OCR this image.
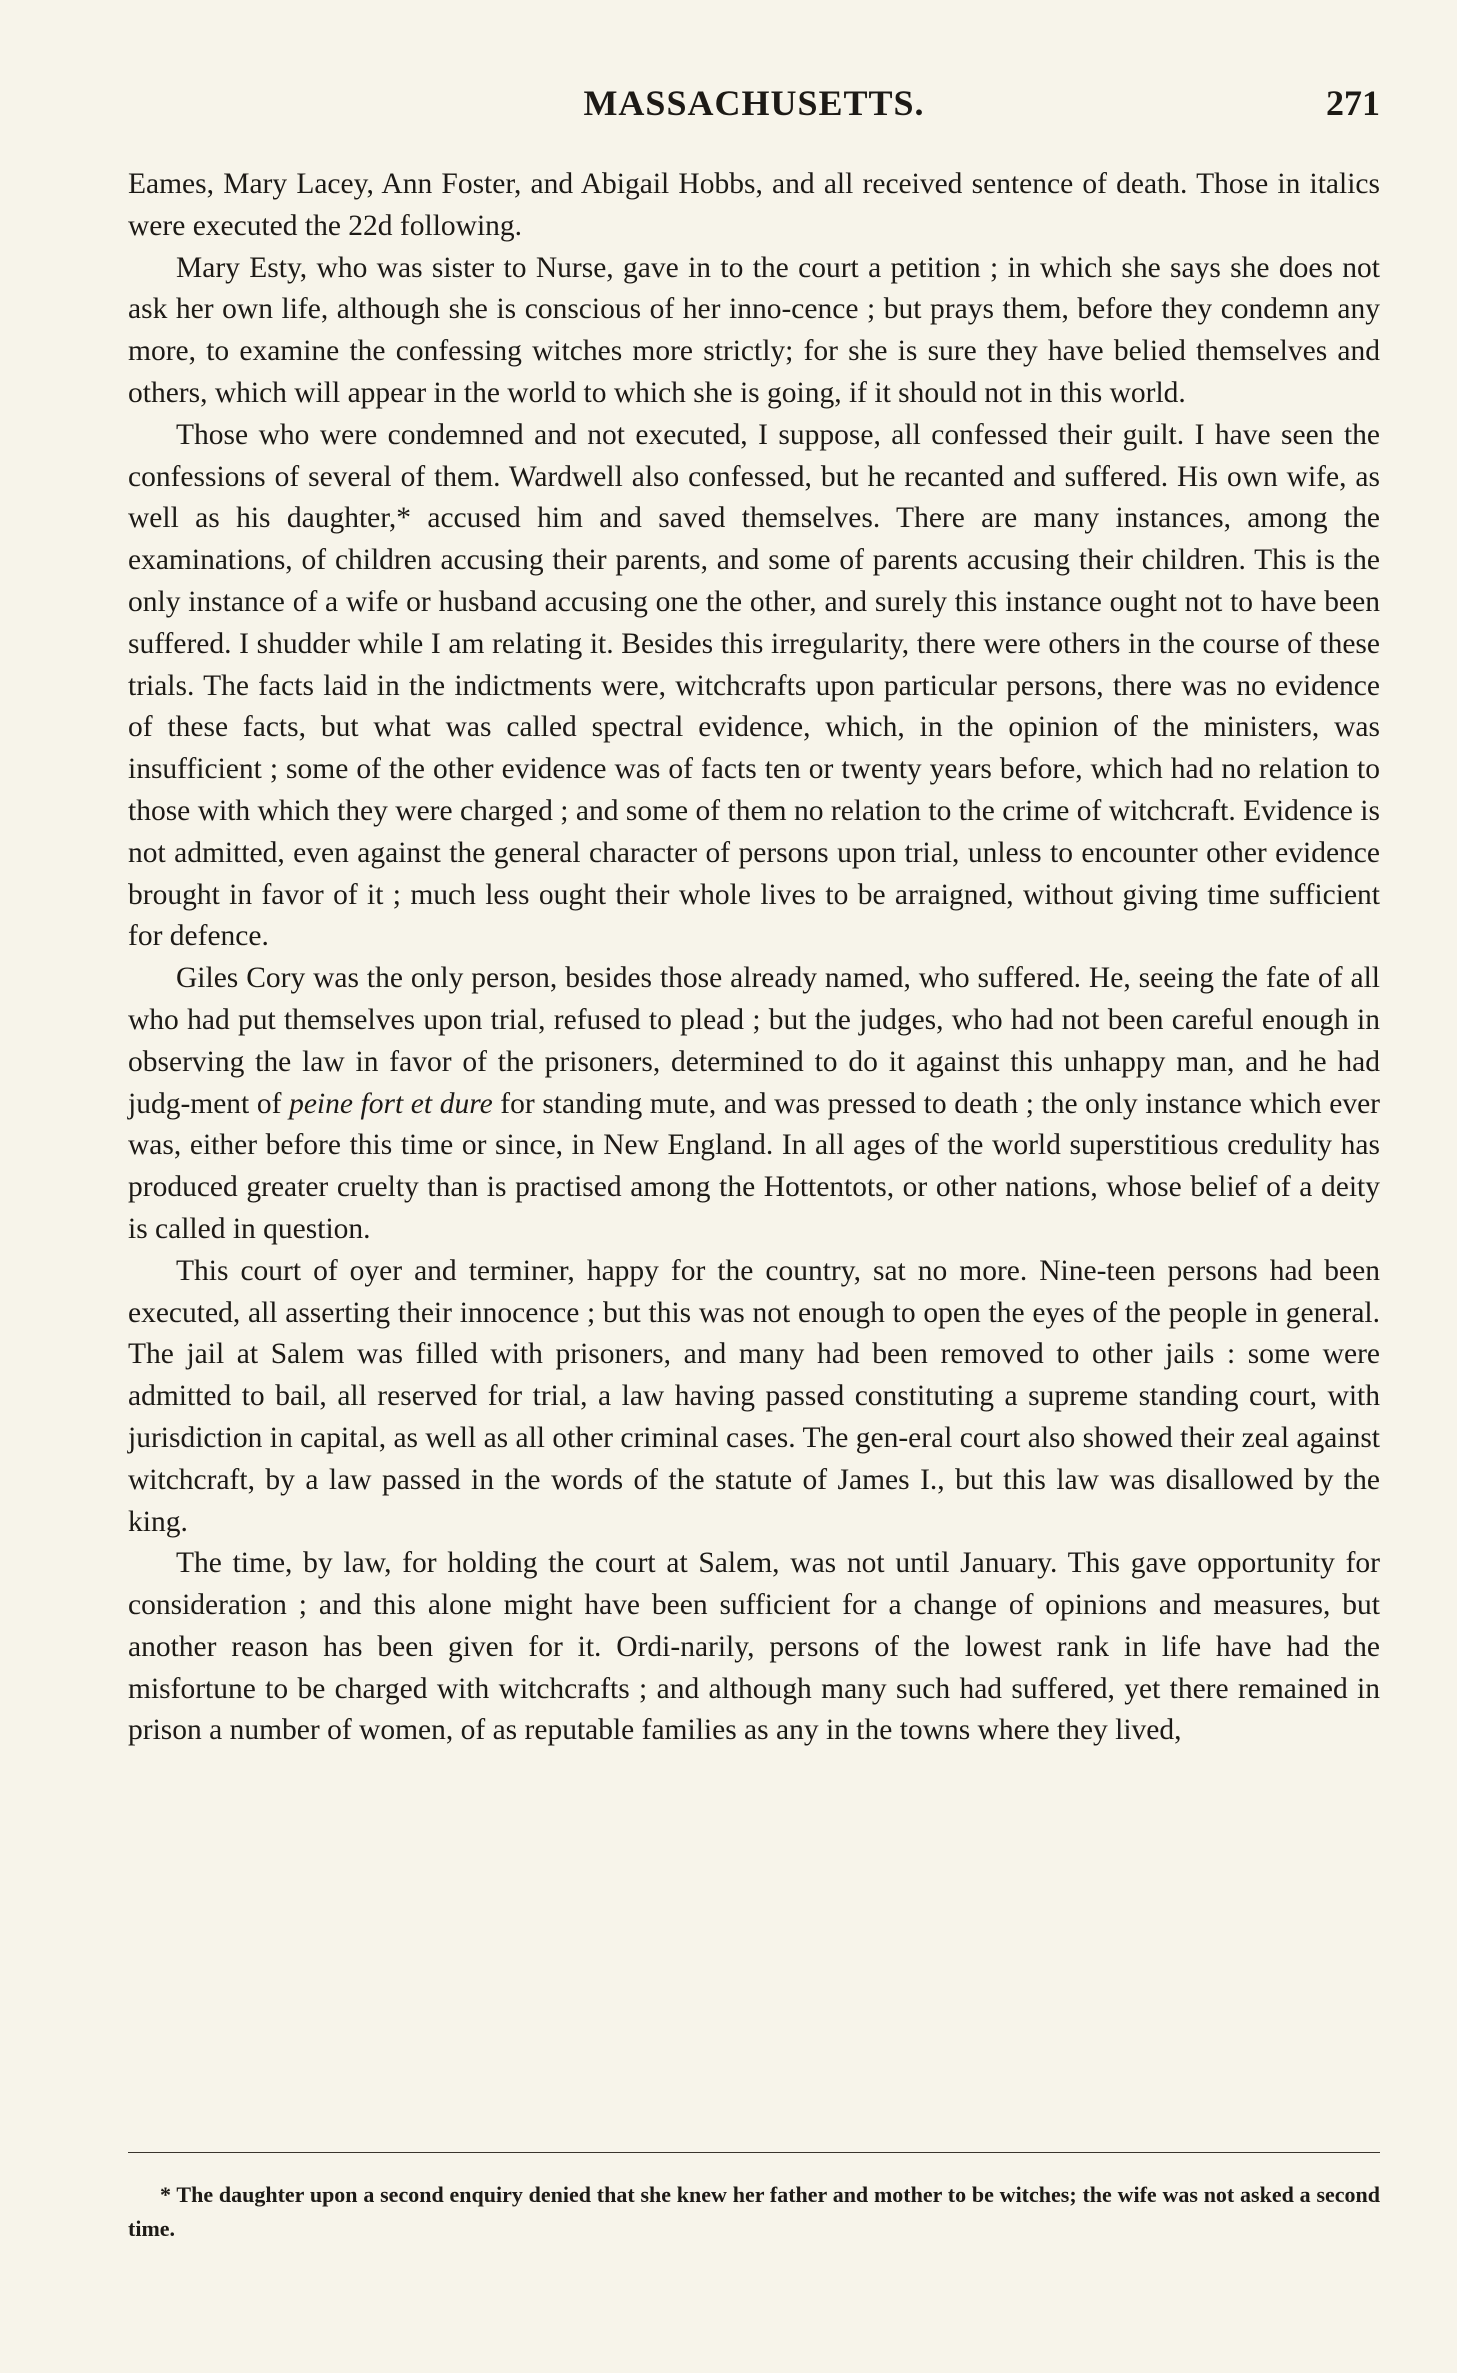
MASSACHUSETTS.	271

Eames, Mary Lacey, Ann Foster, and Abigail Hobbs, and all received sentence of death. Those in italics were executed the 22d following.

Mary Esty, who was sister to Nurse, gave in to the court a petition ; in which she says she does not ask her own life, although she is conscious of her inno-cence ; but prays them, before they condemn any more, to examine the confessing witches more strictly; for she is sure they have belied themselves and others, which will appear in the world to which she is going, if it should not in this world.

Those who were condemned and not executed, I suppose, all confessed their guilt. I have seen the confessions of several of them. Wardwell also confessed, but he recanted and suffered. His own wife, as well as his daughter,* accused him and saved themselves. There are many instances, among the examinations, of children accusing their parents, and some of parents accusing their children. This is the only instance of a wife or husband accusing one the other, and surely this instance ought not to have been suffered. I shudder while I am relating it. Besides this irregularity, there were others in the course of these trials. The facts laid in the indictments were, witchcrafts upon particular persons, there was no evidence of these facts, but what was called spectral evidence, which, in the opinion of the ministers, was insufficient ; some of the other evidence was of facts ten or twenty years before, which had no relation to those with which they were charged ; and some of them no relation to the crime of witchcraft. Evidence is not admitted, even against the general character of persons upon trial, unless to encounter other evidence brought in favor of it ; much less ought their whole lives to be arraigned, without giving time sufficient for defence.

Giles Cory was the only person, besides those already named, who suffered. He, seeing the fate of all who had put themselves upon trial, refused to plead ; but the judges, who had not been careful enough in observing the law in favor of the prisoners, determined to do it against this unhappy man, and he had judg-ment of peine fort et dure for standing mute, and was pressed to death ; the only instance which ever was, either before this time or since, in New England. In all ages of the world superstitious credulity has produced greater cruelty than is practised among the Hottentots, or other nations, whose belief of a deity is called in question.

This court of oyer and terminer, happy for the country, sat no more. Nine-teen persons had been executed, all asserting their innocence ; but this was not enough to open the eyes of the people in general. The jail at Salem was filled with prisoners, and many had been removed to other jails : some were admitted to bail, all reserved for trial, a law having passed constituting a supreme standing court, with jurisdiction in capital, as well as all other criminal cases. The gen-eral court also showed their zeal against witchcraft, by a law passed in the words of the statute of James I., but this law was disallowed by the king.

The time, by law, for holding the court at Salem, was not until January. This gave opportunity for consideration ; and this alone might have been sufficient for a change of opinions and measures, but another reason has been given for it. Ordi-narily, persons of the lowest rank in life have had the misfortune to be charged with witchcrafts ; and although many such had suffered, yet there remained in prison a number of women, of as reputable families as any in the towns where they lived,

* The daughter upon a second enquiry denied that she knew her father and mother to be witches; the wife was not asked a second time.
